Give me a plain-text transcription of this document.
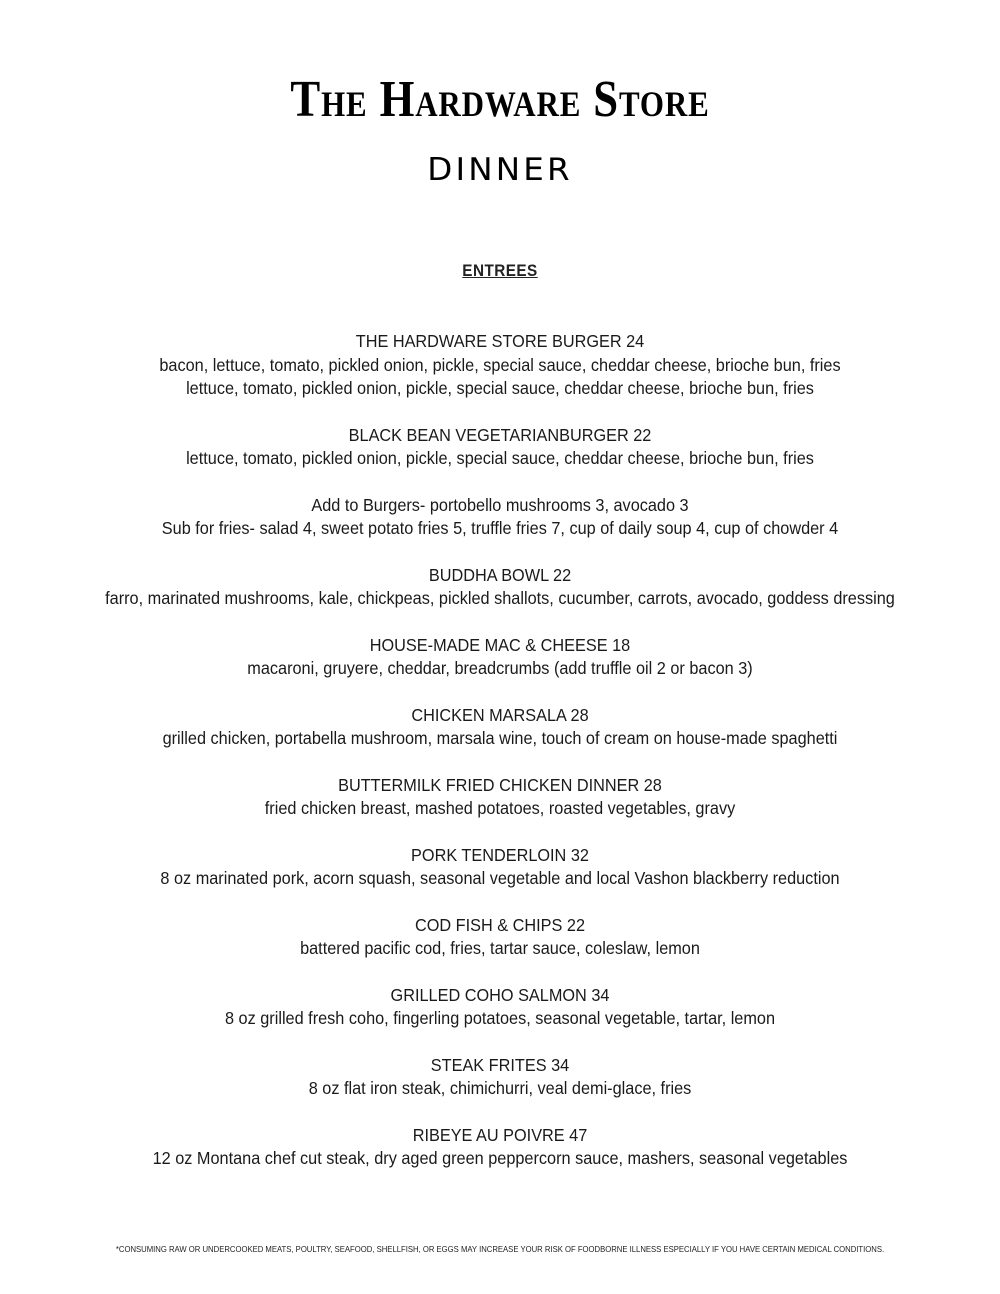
The Hardware Store
DINNER
ENTREES
THE HARDWARE STORE BURGER 24
bacon, lettuce, tomato, pickled onion, pickle, special sauce, cheddar cheese, brioche bun, fries
lettuce, tomato, pickled onion, pickle, special sauce, cheddar cheese, brioche bun, fries
BLACK BEAN VEGETARIANBURGER 22
lettuce, tomato, pickled onion, pickle, special sauce, cheddar cheese, brioche bun, fries
Add to Burgers- portobello mushrooms 3, avocado 3
Sub for fries- salad 4, sweet potato fries 5, truffle fries 7, cup of daily soup 4, cup of chowder 4
BUDDHA BOWL 22
farro, marinated mushrooms, kale, chickpeas, pickled shallots, cucumber, carrots, avocado, goddess dressing
HOUSE-MADE MAC & CHEESE 18
macaroni, gruyere, cheddar, breadcrumbs (add truffle oil 2 or bacon 3)
CHICKEN MARSALA 28
grilled chicken, portabella mushroom, marsala wine, touch of cream on house-made spaghetti
BUTTERMILK FRIED CHICKEN DINNER 28
fried chicken breast, mashed potatoes, roasted vegetables, gravy
PORK TENDERLOIN 32
8 oz marinated pork, acorn squash, seasonal vegetable and local Vashon blackberry reduction
COD FISH & CHIPS 22
battered pacific cod, fries, tartar sauce, coleslaw, lemon
GRILLED COHO SALMON 34
8 oz grilled fresh coho, fingerling potatoes, seasonal vegetable, tartar, lemon
STEAK FRITES 34
8 oz flat iron steak, chimichurri, veal demi-glace, fries
RIBEYE AU POIVRE 47
12 oz Montana chef cut steak, dry aged green peppercorn sauce, mashers, seasonal vegetables
*CONSUMING RAW OR UNDERCOOKED MEATS, POULTRY, SEAFOOD, SHELLFISH, OR EGGS MAY INCREASE YOUR RISK OF FOODBORNE ILLNESS ESPECIALLY IF YOU HAVE CERTAIN MEDICAL CONDITIONS.
